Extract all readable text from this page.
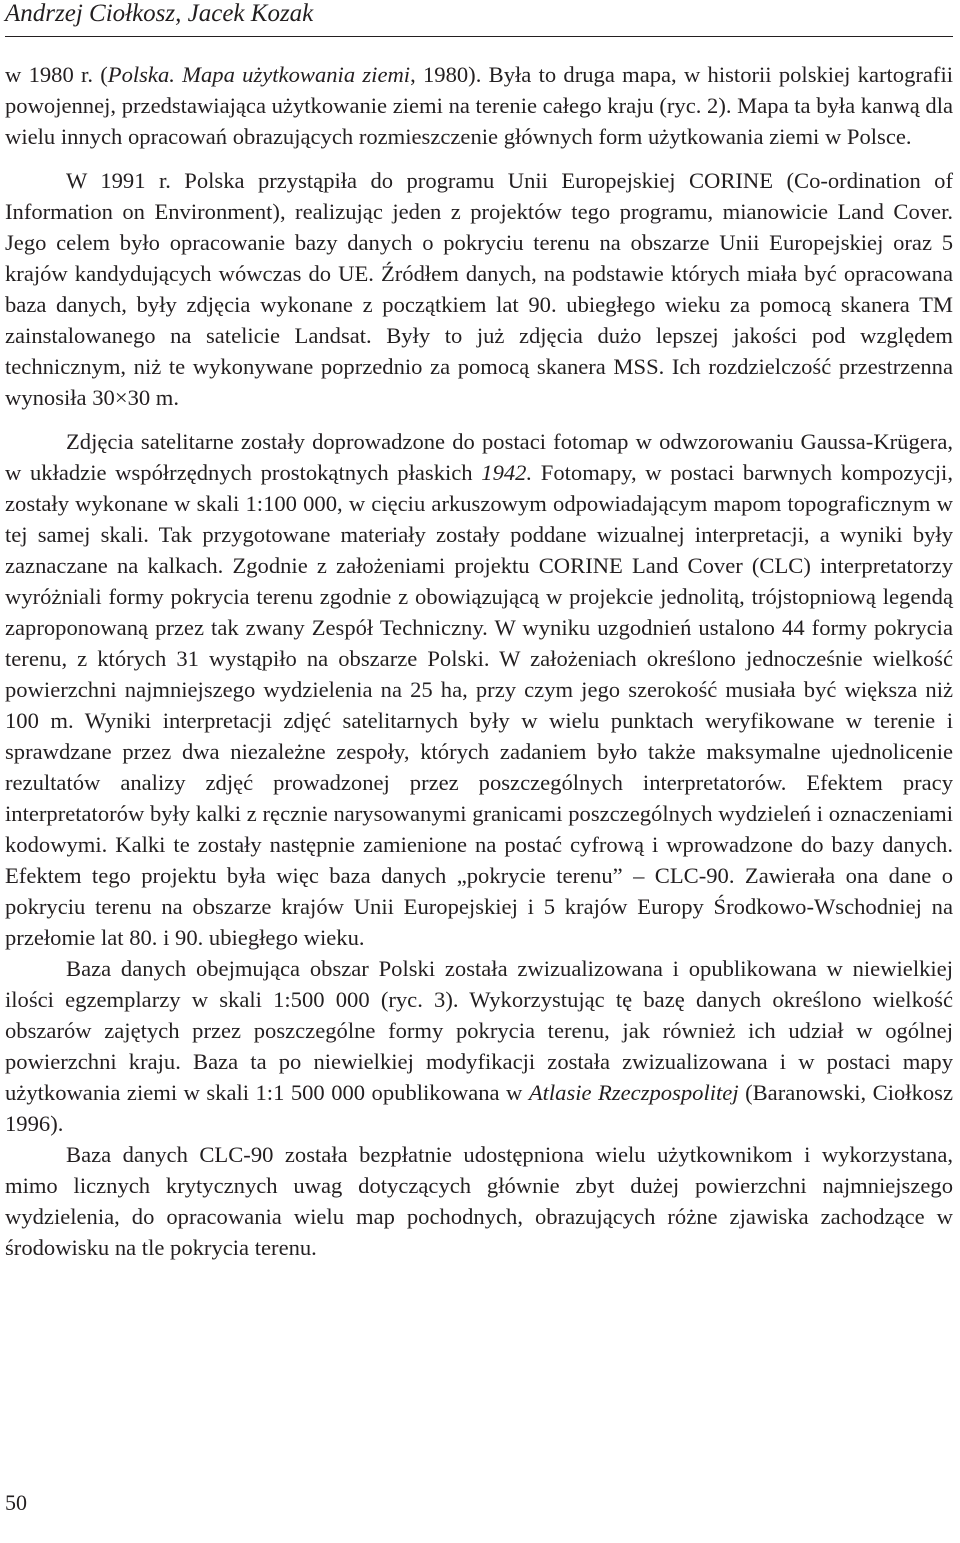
Andrzej Ciołkosz, Jacek Kozak

w 1980 r. (Polska. Mapa użytkowania ziemi, 1980). Była to druga mapa, w historii polskiej kartografii powojennej, przedstawiająca użytkowanie ziemi na terenie całego kraju (ryc. 2). Mapa ta była kanwą dla wielu innych opracowań obrazujących rozmieszczenie głównych form użytkowania ziemi w Polsce.

W 1991 r. Polska przystąpiła do programu Unii Europejskiej CORINE (Co-ordination of Information on Environment), realizując jeden z projektów tego programu, mianowicie Land Cover. Jego celem było opracowanie bazy danych o pokryciu terenu na obszarze Unii Europejskiej oraz 5 krajów kandydujących wówczas do UE. Źródłem danych, na podstawie których miała być opracowana baza danych, były zdjęcia wykonane z początkiem lat 90. ubiegłego wieku za pomocą skanera TM zainstalowanego na satelicie Landsat. Były to już zdjęcia dużo lepszej jakości pod względem technicznym, niż te wykonywane poprzednio za pomocą skanera MSS. Ich rozdzielczość przestrzenna wynosiła 30×30 m.

Zdjęcia satelitarne zostały doprowadzone do postaci fotomap w odwzorowaniu Gaussa-Krügera, w układzie współrzędnych prostokątnych płaskich 1942. Fotomapy, w postaci barwnych kompozycji, zostały wykonane w skali 1:100 000, w cięciu arkuszowym odpowiadającym mapom topograficznym w tej samej skali. Tak przygotowane materiały zostały poddane wizualnej interpretacji, a wyniki były zaznaczane na kalkach. Zgodnie z założeniami projektu CORINE Land Cover (CLC) interpretatorzy wyróżniali formy pokrycia terenu zgodnie z obowiązującą w projekcie jednolitą, trójstopniową legendą zaproponowaną przez tak zwany Zespół Techniczny. W wyniku uzgodnień ustalono 44 formy pokrycia terenu, z których 31 wystąpiło na obszarze Polski. W założeniach określono jednocześnie wielkość powierzchni najmniejszego wydzielenia na 25 ha, przy czym jego szerokość musiała być większa niż 100 m. Wyniki interpretacji zdjęć satelitarnych były w wielu punktach weryfikowane w terenie i sprawdzane przez dwa niezależne zespoły, których zadaniem było także maksymalne ujednolicenie rezultatów analizy zdjęć prowadzonej przez poszczególnych interpretatorów. Efektem pracy interpretatorów były kalki z ręcznie narysowanymi granicami poszczególnych wydzieleń i oznaczeniami kodowymi. Kalki te zostały następnie zamienione na postać cyfrową i wprowadzone do bazy danych. Efektem tego projektu była więc baza danych „pokrycie terenu” – CLC-90. Zawierała ona dane o pokryciu terenu na obszarze krajów Unii Europejskiej i 5 krajów Europy Środkowo-Wschodniej na przełomie lat 80. i 90. ubiegłego wieku.

Baza danych obejmująca obszar Polski została zwizualizowana i opublikowana w niewielkiej ilości egzemplarzy w skali 1:500 000 (ryc. 3). Wykorzystując tę bazę danych określono wielkość obszarów zajętych przez poszczególne formy pokrycia terenu, jak również ich udział w ogólnej powierzchni kraju. Baza ta po niewielkiej modyfikacji została zwizualizowana i w postaci mapy użytkowania ziemi w skali 1:1 500 000 opublikowana w Atlasie Rzeczpospolitej (Baranowski, Ciołkosz 1996).

Baza danych CLC-90 została bezpłatnie udostępniona wielu użytkownikom i wykorzystana, mimo licznych krytycznych uwag dotyczących głównie zbyt dużej powierzchni najmniejszego wydzielenia, do opracowania wielu map pochodnych, obrazujących różne zjawiska zachodzące w środowisku na tle pokrycia terenu.

50
